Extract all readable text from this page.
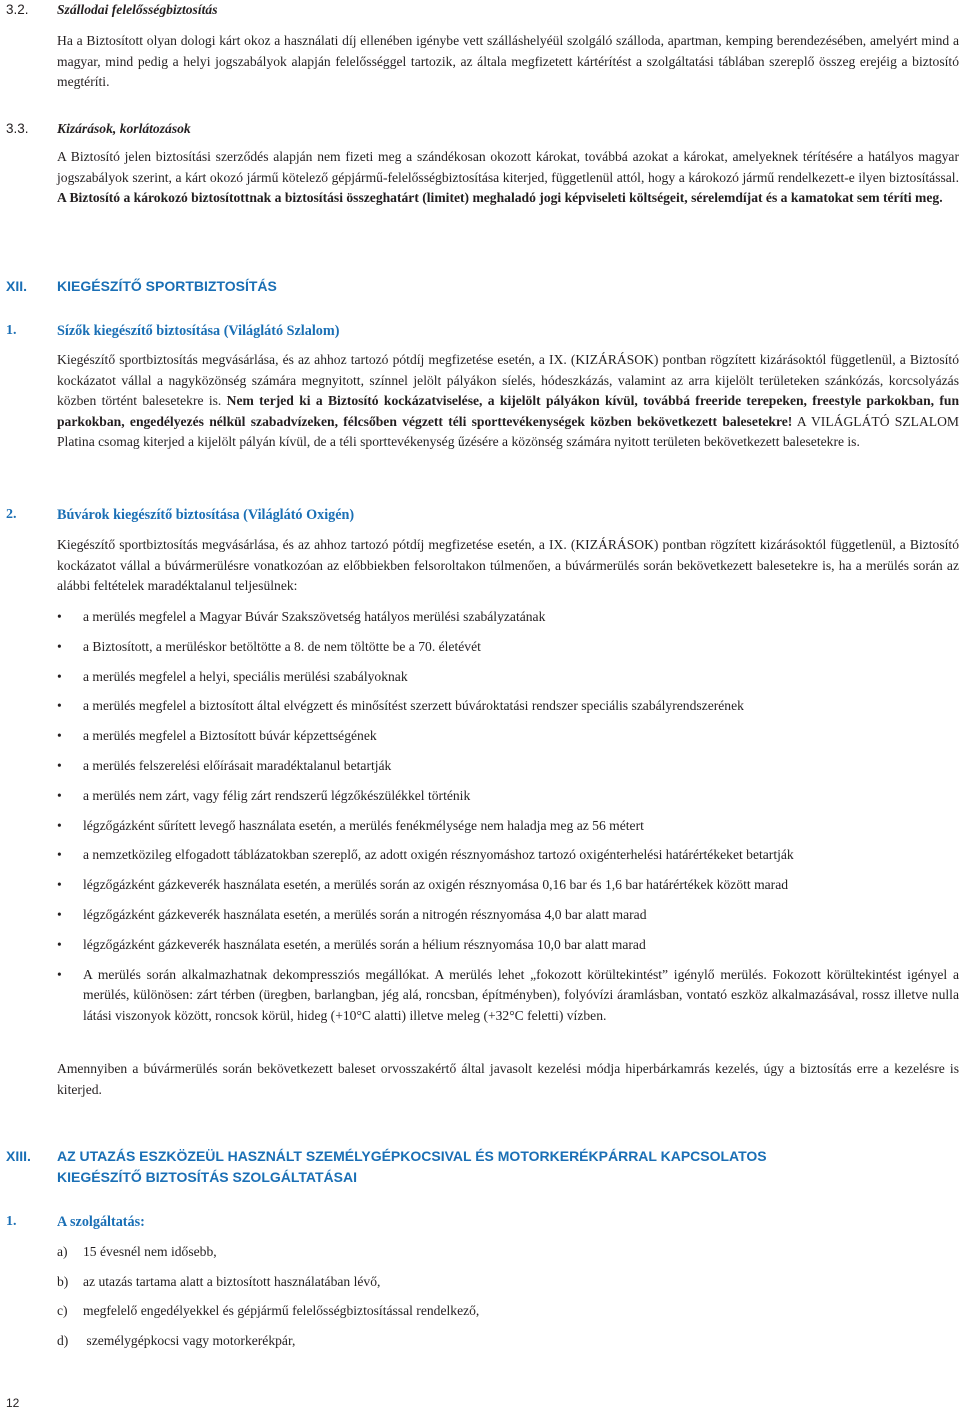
3.2. Szállodai felelősségbiztosítás

Ha a Biztosított olyan dologi kárt okoz a használati díj ellenében igénybe vett szálláshelyéül szolgáló szálloda, apartman, kemping berendezésében, amelyért mind a magyar, mind pedig a helyi jogszabályok alapján felelősséggel tartozik, az általa megfizetett kártérítést a szolgáltatási táblában szereplő összeg erejéig a biztosító megtéríti.

3.3. Kizárások, korlátozások

A Biztosító jelen biztosítási szerződés alapján nem fizeti meg a szándékosan okozott károkat, továbbá azokat a károkat, amelyeknek térítésére a hatályos magyar jogszabályok szerint, a kárt okozó jármű kötelező gépjármű-felelősségbiztosítása kiterjed, függetlenül attól, hogy a károkozó jármű rendelkezett-e ilyen biztosítással. A Biztosító a károkozó biztosítottnak a biztosítási összeghatárt (limitet) meghaladó jogi képviseleti költségeit, sérelemdíjat és a kamatokat sem téríti meg.

XII. KIEGÉSZÍTŐ SPORTBIZTOSÍTÁS
1.	Sízők kiegészítő biztosítása (Világlátó Szlalom)

Kiegészítő sportbiztosítás megvásárlása, és az ahhoz tartozó pótdíj megfizetése esetén, a IX. (KIZÁRÁSOK) pontban rögzített kizárásoktól függetlenül, a Biztosító kockázatot vállal a nagyközönség számára megnyitott, színnel jelölt pályákon síelés, hódeszkázás, valamint az arra kijelölt területeken szánkózás, korcsolyázás közben történt balesetekre is. Nem terjed ki a Biztosító kockázatviselése, a kijelölt pályákon kívül, továbbá freeride terepeken, freestyle parkokban, fun parkokban, engedélyezés nélkül szabadvízeken, félcsőben végzett téli sporttevékenységek közben bekövetkezett balesetekre! A VILÁGLÁTÓ SZLALOM Platina csomag kiterjed a kijelölt pályán kívül, de a téli sporttevékenység űzésére a közönség számára nyitott területen bekövetkezett balesetekre is.

2.	Búvárok kiegészítő biztosítása (Világlátó Oxigén)

Kiegészítő sportbiztosítás megvásárlása, és az ahhoz tartozó pótdíj megfizetése esetén, a IX. (KIZÁRÁSOK) pontban rögzített kizárásoktól függetlenül, a Biztosító kockázatot vállal a búvármerülésre vonatkozóan az előbbiekben felsoroltakon túlmenően, a búvármerülés során bekövetkezett balesetekre is, ha a merülés során az alábbi feltételek maradéktalanul teljesülnek:

• a merülés megfelel a Magyar Búvár Szakszövetség hatályos merülési szabályzatának
• a Biztosított, a merüléskor betöltötte a 8. de nem töltötte be a 70. életévét
• a merülés megfelel a helyi, speciális merülési szabályoknak
• a merülés megfelel a biztosított által elvégzett és minősítést szerzett búvároktatási rendszer speciális szabályrendszerének
• a merülés megfelel a Biztosított búvár képzettségének
• a merülés felszerelési előírásait maradéktalanul betartják
• a merülés nem zárt, vagy félig zárt rendszerű légzőkészülékkel történik
• légzőgázként sűrített levegő használata esetén, a merülés fenékmélysége nem haladja meg az 56 métert
• a nemzetközileg elfogadott táblázatokban szereplő, az adott oxigén résznyomáshoz tartozó oxigénterhelési határértékeket betartják
• légzőgázként gázkeverék használata esetén, a merülés során az oxigén résznyomása 0,16 bar és 1,6 bar határértékek között marad
• légzőgázként gázkeverék használata esetén, a merülés során a nitrogén résznyomása 4,0 bar alatt marad
• légzőgázként gázkeverék használata esetén, a merülés során a hélium résznyomása 10,0 bar alatt marad
• A merülés során alkalmazhatnak dekompressziós megállókat. A merülés lehet „fokozott körültekintést” igénylő merülés. Fokozott körültekintést igényel a merülés, különösen: zárt térben (üregben, barlangban, jég alá, roncsban, építményben), folyóvízi áramlásban, vontató eszköz alkalmazásával, rossz illetve nulla látási viszonyok között, roncsok körül, hideg (+10°C alatti) illetve meleg (+32°C feletti) vízben.

Amennyiben a búvármerülés során bekövetkezett baleset orvosszakértő által javasolt kezelési módja hiperbárkamrás kezelés, úgy a biztosítás erre a kezelésre is kiterjed.

XIII. AZ UTAZÁS ESZKÖZEÜL HASZNÁLT SZEMÉLYGÉPKOCSIVAL ÉS MOTORKERÉKPÁRRAL KAPCSOLATOS
KIEGÉSZÍTŐ BIZTOSÍTÁS SZOLGÁLTATÁSAI
1.	A szolgáltatás:
a) 15 évesnél nem idősebb,
b) az utazás tartama alatt a biztosított használatában lévő,
c) megfelelő engedélyekkel és gépjármű felelősségbiztosítással rendelkező,
d) személygépkocsi vagy motorkerékpár,
12
